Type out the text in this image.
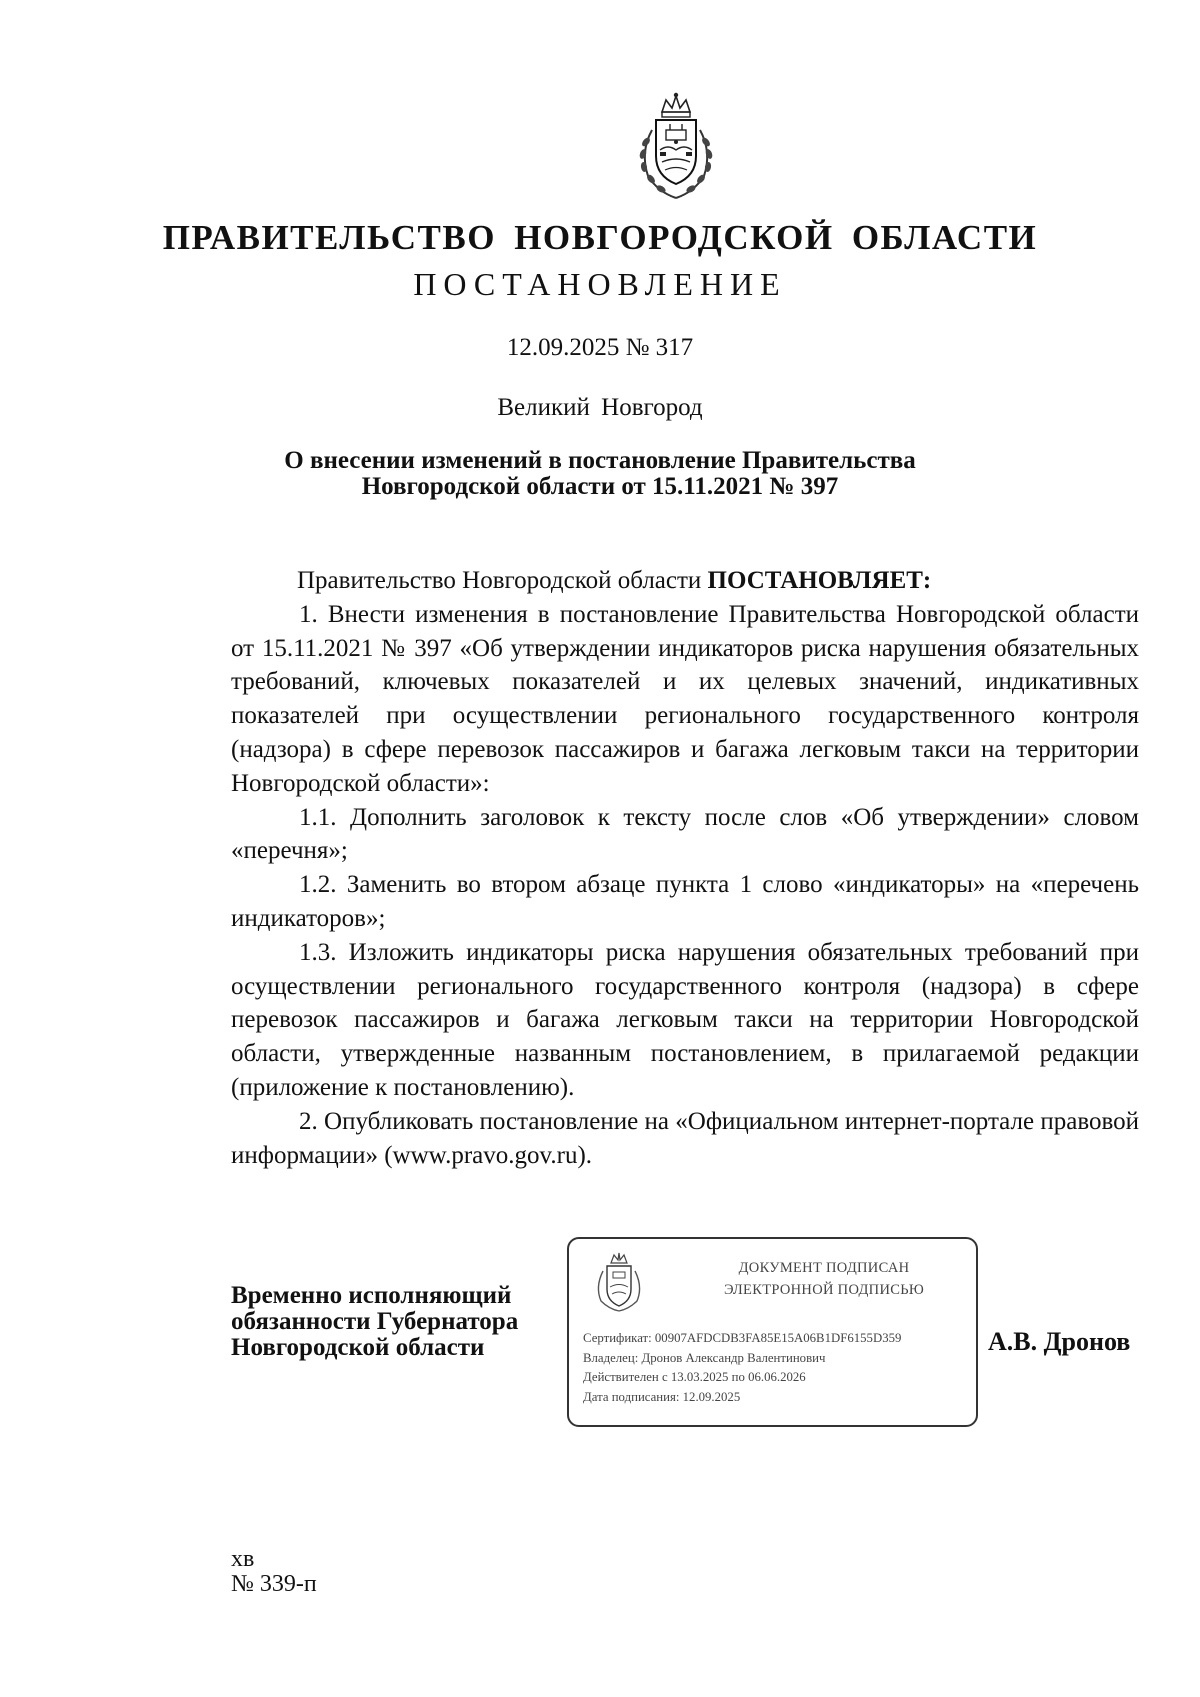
ПРАВИТЕЛЬСТВО НОВГОРОДСКОЙ ОБЛАСТИ
ПОСТАНОВЛЕНИЕ
12.09.2025 № 317
Великий Новгород
О внесении изменений в постановление Правительства
Новгородской области от 15.11.2021 № 397

Правительство Новгородской области ПОСТАНОВЛЯЕТ:

1. Внести изменения в постановление Правительства Новгородской области от 15.11.2021 № 397 «Об утверждении индикаторов риска нарушения обязательных требований, ключевых показателей и их целевых значений, индикативных показателей при осуществлении регионального государственного контроля (надзора) в сфере перевозок пассажиров и багажа легковым такси на территории Новгородской области»:

1.1. Дополнить заголовок к тексту после слов «Об утверждении» словом «перечня»;

1.2. Заменить во втором абзаце пункта 1 слово «индикаторы» на «перечень индикаторов»;

1.3. Изложить индикаторы риска нарушения обязательных требований при осуществлении регионального государственного контроля (надзора) в сфере перевозок пассажиров и багажа легковым такси на территории Новгородской области, утвержденные названным постановлением, в прилагаемой редакции (приложение к постановлению).

2. Опубликовать постановление на «Официальном интернет-портале правовой информации» (www.pravo.gov.ru).

Временно исполняющий
обязанности Губернатора
Новгородской области
ДОКУМЕНТ ПОДПИСАН
ЭЛЕКТРОННОЙ ПОДПИСЬЮ
Сертификат: 00907AFDCDB3FA85E15A06B1DF6155D359
Владелец: Дронов Александр Валентинович
Действителен с 13.03.2025 по 06.06.2026
Дата подписания: 12.09.2025
А.В. Дронов
хв
№ 339-п
